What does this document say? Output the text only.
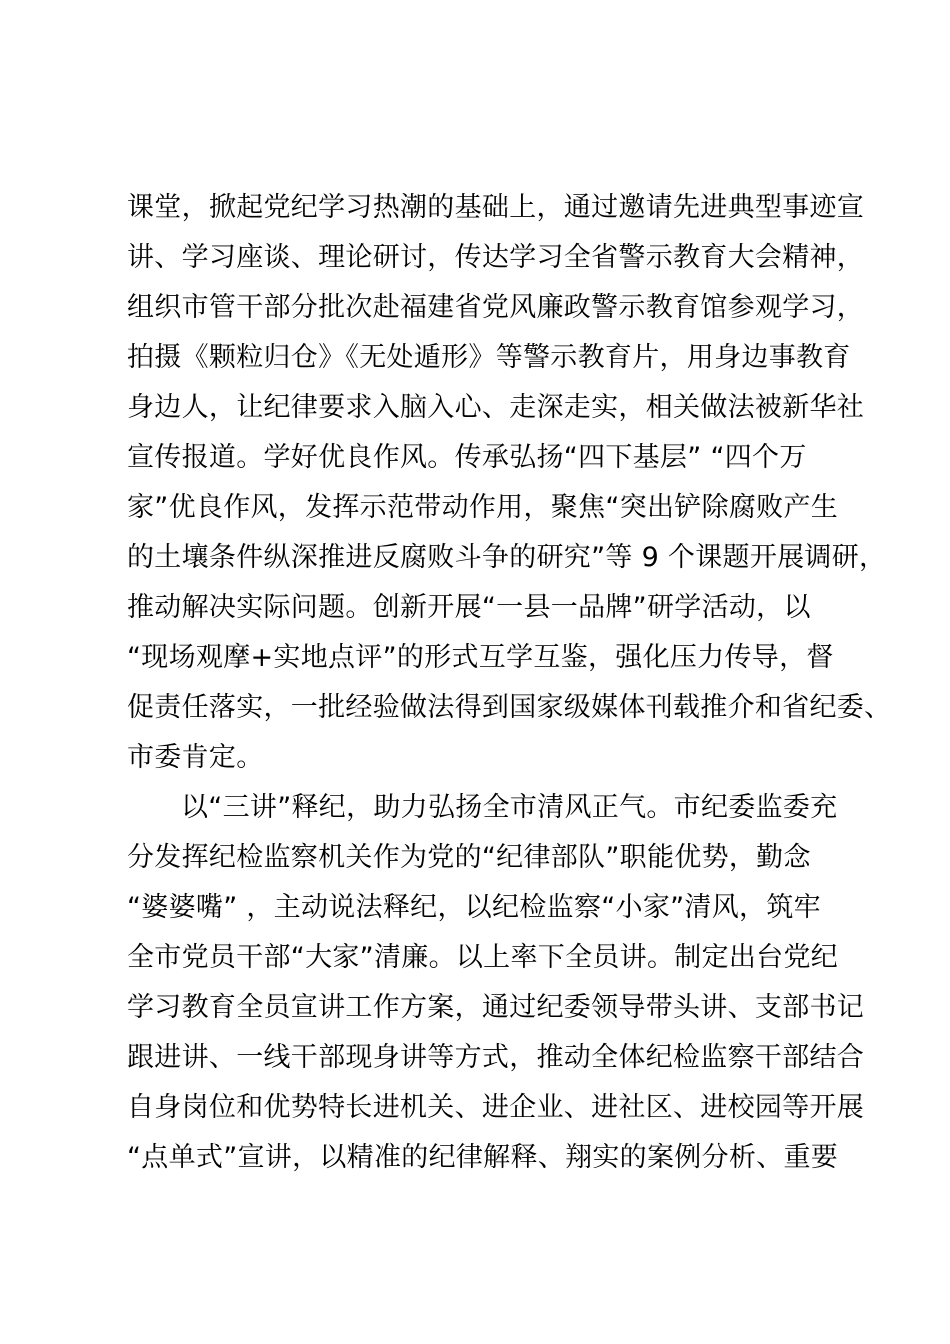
课堂，掀起党纪学习热潮的基础上，通过邀请先进典型事迹宣
讲、学习座谈、理论研讨，传达学习全省警示教育大会精神，
组织市管干部分批次赴福建省党风廉政警示教育馆参观学习，
拍摄《颗粒归仓》《无处遁形》等警示教育片，用身边事教育
身边人，让纪律要求入脑入心、走深走实，相关做法被新华社
宣传报道。学好优良作风。传承弘扬“四下基层” “四个万
家”优良作风，发挥示范带动作用，聚焦“突出铲除腐败产生
的土壤条件纵深推进反腐败斗争的研究”等 9 个课题开展调研，
推动解决实际问题。创新开展“一县一品牌”研学活动，以
“现场观摩+实地点评”的形式互学互鉴，强化压力传导，督
促责任落实，一批经验做法得到国家级媒体刊载推介和省纪委、
市委肯定。
以“三讲”释纪，助力弘扬全市清风正气。市纪委监委充
分发挥纪检监察机关作为党的“纪律部队”职能优势，勤念
“婆婆嘴” ，主动说法释纪，以纪检监察“小家”清风，筑牢
全市党员干部“大家”清廉。以上率下全员讲。制定出台党纪
学习教育全员宣讲工作方案，通过纪委领导带头讲、支部书记
跟进讲、一线干部现身讲等方式，推动全体纪检监察干部结合
自身岗位和优势特长进机关、进企业、进社区、进校园等开展
“点单式”宣讲，以精准的纪律解释、翔实的案例分析、重要
